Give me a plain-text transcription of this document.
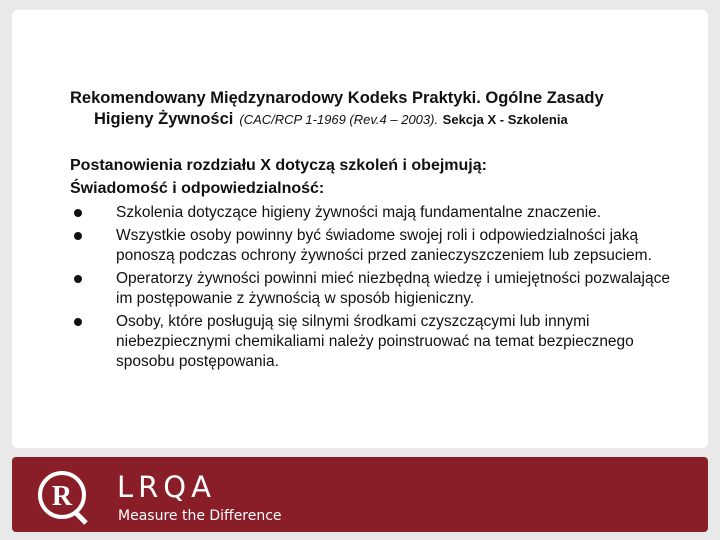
Rekomendowany Międzynarodowy Kodeks Praktyki. Ogólne Zasady
Higieny Żywności (CAC/RCP 1-1969 (Rev.4 – 2003). Sekcja X - Szkolenia
Postanowienia rozdziału X dotyczą szkoleń i obejmują:
Świadomość i odpowiedzialność:
Szkolenia dotyczące higieny żywności mają fundamentalne znaczenie.
Wszystkie osoby powinny być świadome swojej roli i odpowiedzialności jaką ponoszą podczas ochrony żywności przed zanieczyszczeniem lub zepsuciem.
Operatorzy żywności powinni mieć niezbędną wiedzę i umiejętności pozwalające im postępowanie z żywnością w sposób higieniczny.
Osoby, które posługują się silnymi środkami czyszczącymi lub innymi niebezpiecznymi chemikaliami należy poinstruować na temat bezpiecznego sposobu postępowania.
R LRQA
Measure the Difference
